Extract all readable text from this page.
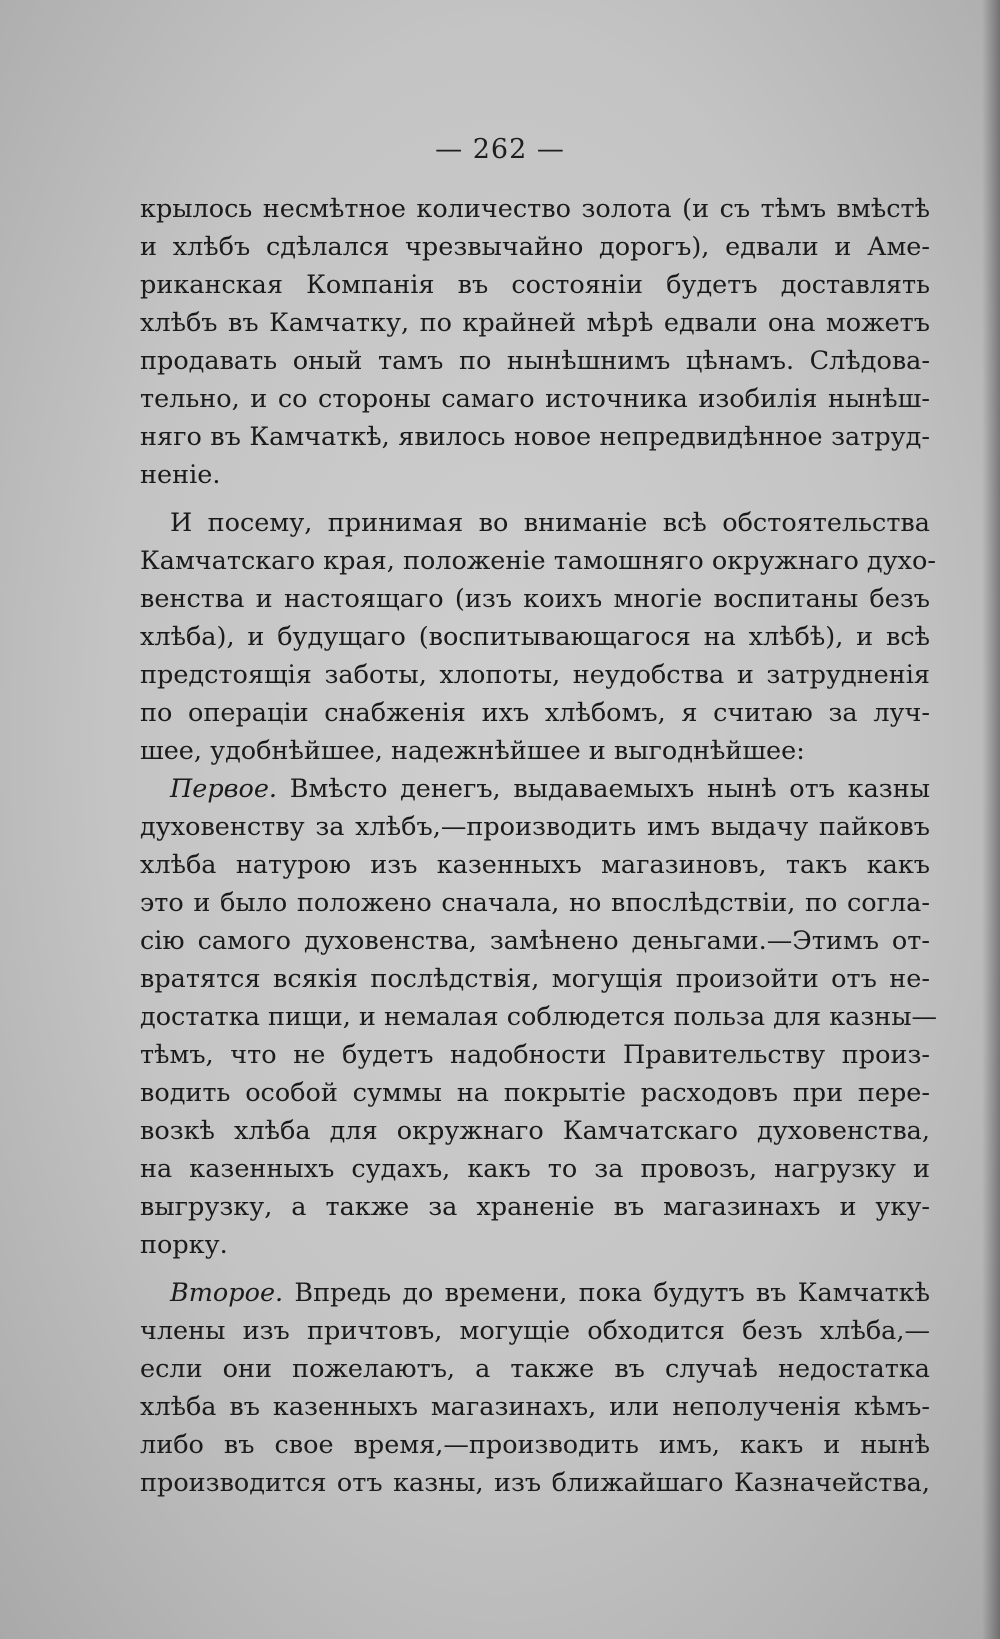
— 262 —
крылось несмѣтное количество золота (и съ тѣмъ вмѣстѣ
и хлѣбъ сдѣлался чрезвычайно дорогъ), едвали и Аме-
риканская Компанія въ состояніи будетъ доставлять
хлѣбъ въ Камчатку, по крайней мѣрѣ едвали она можетъ
продавать оный тамъ по нынѣшнимъ цѣнамъ. Слѣдова-
тельно, и со стороны самаго источника изобилія нынѣш-
няго въ Камчаткѣ, явилось новое непредвидѣнное затруд-
неніе.
И посему, принимая во вниманіе всѣ обстоятельства
Камчатскаго края, положеніе тамошняго окружнаго духо-
венства и настоящаго (изъ коихъ многіе воспитаны безъ
хлѣба), и будущаго (воспитывающагося на хлѣбѣ), и всѣ
предстоящія заботы, хлопоты, неудобства и затрудненія
по операціи снабженія ихъ хлѣбомъ, я считаю за луч-
шее, удобнѣйшее, надежнѣйшее и выгоднѣйшее:
Первое. Вмѣсто денегъ, выдаваемыхъ нынѣ отъ казны
духовенству за хлѣбъ,—производить имъ выдачу пайковъ
хлѣба натурою изъ казенныхъ магазиновъ, такъ какъ
это и было положено сначала, но впослѣдствіи, по согла-
сію самого духовенства, замѣнено деньгами.—Этимъ от-
вратятся всякія послѣдствія, могущія произойти отъ не-
достатка пищи, и немалая соблюдется польза для казны—
тѣмъ, что не будетъ надобности Правительству произ-
водить особой суммы на покрытіе расходовъ при пере-
возкѣ хлѣба для окружнаго Камчатскаго духовенства,
на казенныхъ судахъ, какъ то за провозъ, нагрузку и
выгрузку, а также за храненіе въ магазинахъ и уку-
порку.
Второе. Впредь до времени, пока будутъ въ Камчаткѣ
члены изъ причтовъ, могущіе обходится безъ хлѣба,—
если они пожелаютъ, а также въ случаѣ недостатка
хлѣба въ казенныхъ магазинахъ, или неполученія кѣмъ-
либо въ свое время,—производить имъ, какъ и нынѣ
производится отъ казны, изъ ближайшаго Казначейства,
